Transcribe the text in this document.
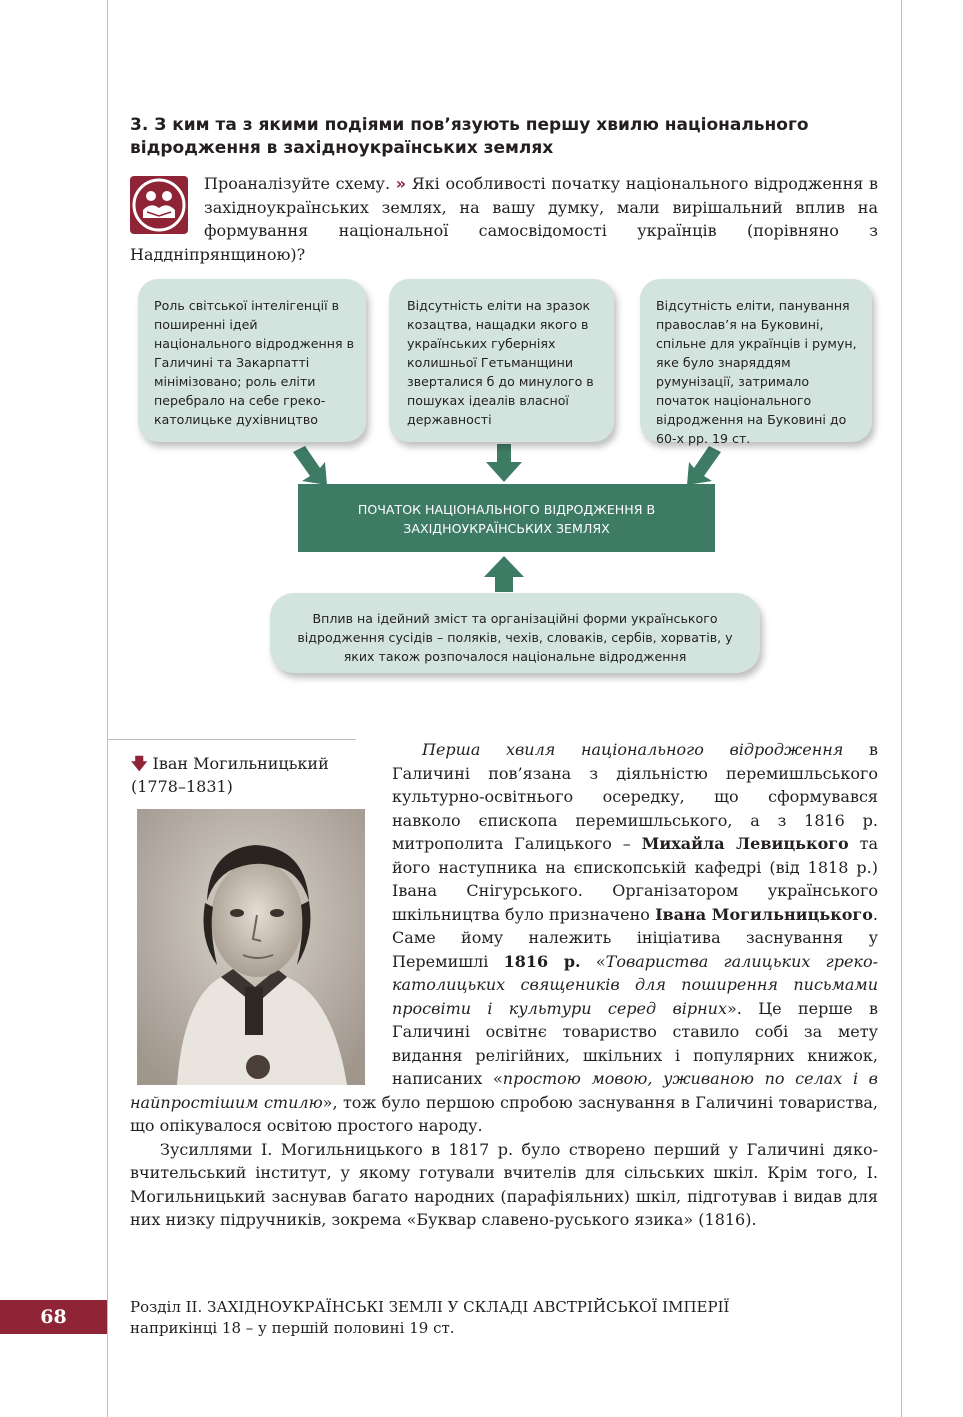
3. З ким та з якими подіями пов’язують першу хвилю національного відродження в західноукраїнських землях
Проаналізуйте схему. » Які особливості початку національного відродження в західноукраїнських землях, на вашу думку, мали вирішальний вплив на формування національної самосвідомості українців (порівняно з Наддніпрянщиною)?
Роль світської інтелігенції в поширенні ідей національного відродження в Галичині та Закарпатті мінімізовано; роль еліти перебрало на себе греко-католицьке духівництво
Відсутність еліти на зразок козацтва, нащадки якого в українських губерніях колишньої Гетьманщини зверталися б до минулого в пошуках ідеалів власної державності
Відсутність еліти, панування православ’я на Буковині, спільне для українців і румун, яке було знаряддям румунізації, затримало початок національного відродження на Буковині до 60-х рр. 19 ст.
ПОЧАТОК НАЦІОНАЛЬНОГО ВІДРОДЖЕННЯ В ЗАХІДНОУКРАЇНСЬКИХ ЗЕМЛЯХ
Вплив на ідейний зміст та організаційні форми українського відродження сусідів – поляків, чехів, словаків, сербів, хорватів, у яких також розпочалося національне відродження
🡇 Іван Могильницький
(1778–1831)

Перша хвиля національного відродження в Галичині пов’язана з діяльністю перемишльського культурно-освітнього осередку, що сформувався навколо єпископа перемишльського, а з 1816 р. митрополита Галицького – Михайла Левицького та його наступника на єпископській кафедрі (від 1818 р.) Івана Снігурського. Організатором українського шкільництва було призначено Івана Могильницького. Саме йому належить ініціатива заснування у Перемишлі 1816 р. «Товариства галицьких греко-католицьких священиків для поширення письмами просвіти і культури серед вірних». Це перше в Галичині освітнє товариство ставило собі за мету видання релігійних, шкільних і популярних книжок, написаних «простою мовою, уживаною по селах і в найпростішим стилю», тож було першою спробою заснування в Галичині товариства, що опікувалося освітою простого народу.

Зусиллями І. Могильницького в 1817 р. було створено перший у Галичині дяко-вчительський інститут, у якому готували вчителів для сільських шкіл. Крім того, І. Могильницький заснував багато народних (парафіяльних) шкіл, підготував і видав для них низку підручників, зокрема «Буквар славено-руського язика» (1816).

68	Розділ ІІ. ЗАХІДНОУКРАЇНСЬКІ ЗЕМЛІ У СКЛАДІ АВСТРІЙСЬКОЇ ІМПЕРІЇ
наприкінці 18 – у першій половині 19 ст.
